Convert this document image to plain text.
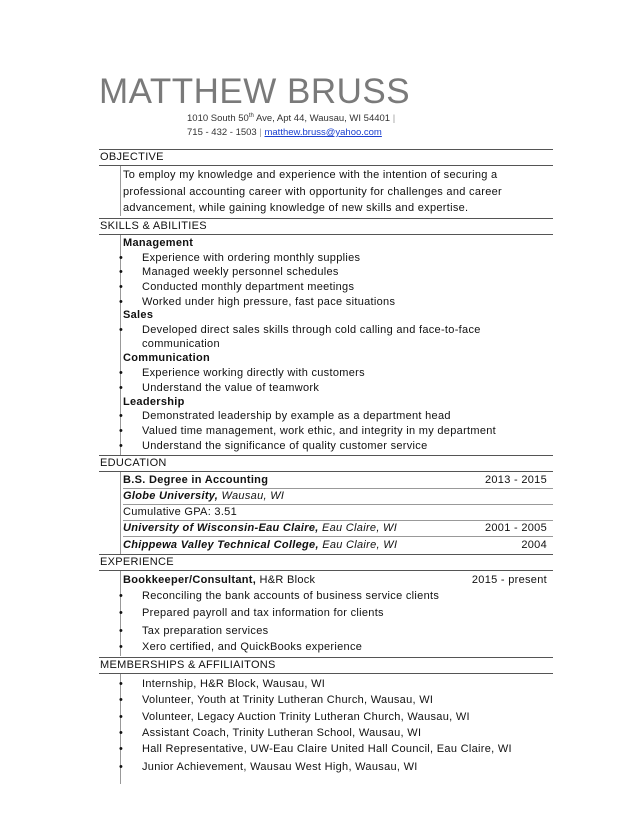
MATTHEW BRUSS
1010 South 50th Ave, Apt 44, Wausau, WI 54401 |
715 - 432 - 1503 | matthew.bruss@yahoo.com
OBJECTIVE
To employ my knowledge and experience with the intention of securing a
professional accounting career with opportunity for challenges and career
advancement, while gaining knowledge of new skills and expertise.
SKILLS & ABILITIES
Management
• Experience with ordering monthly supplies
• Managed weekly personnel schedules
• Conducted monthly department meetings
• Worked under high pressure, fast pace situations
Sales
• Developed direct sales skills through cold calling and face-to-face
communication
Communication
• Experience working directly with customers
• Understand the value of teamwork
Leadership
• Demonstrated leadership by example as a department head
• Valued time management, work ethic, and integrity in my department
• Understand the significance of quality customer service
EDUCATION
B.S. Degree in Accounting	2013 - 2015
Globe University, Wausau, WI
Cumulative GPA: 3.51
University of Wisconsin-Eau Claire, Eau Claire, WI	2001 - 2005
Chippewa Valley Technical College, Eau Claire, WI	2004
EXPERIENCE
Bookkeeper/Consultant, H&R Block	2015 - present
• Reconciling the bank accounts of business service clients
• Prepared payroll and tax information for clients
• Tax preparation services
• Xero certified, and QuickBooks experience
MEMBERSHIPS & AFFILIAITONS
• Internship, H&R Block, Wausau, WI
• Volunteer, Youth at Trinity Lutheran Church, Wausau, WI
• Volunteer, Legacy Auction Trinity Lutheran Church, Wausau, WI
• Assistant Coach, Trinity Lutheran School, Wausau, WI
• Hall Representative, UW-Eau Claire United Hall Council, Eau Claire, WI
• Junior Achievement, Wausau West High, Wausau, WI
